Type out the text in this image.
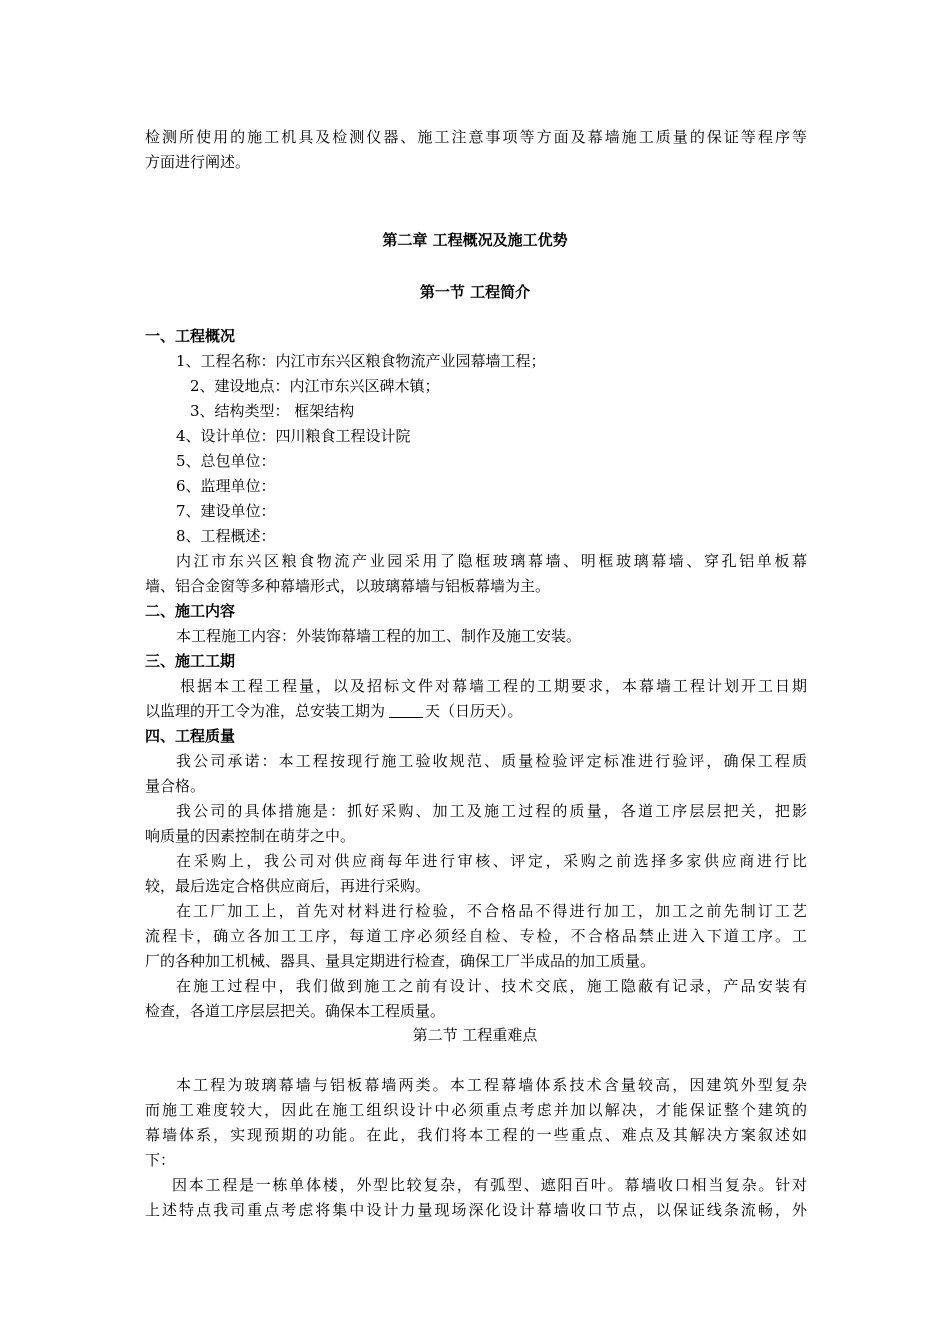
检测所使用的施工机具及检测仪器、施工注意事项等方面及幕墙施工质量的保证等程序等
方面进行阐述。
第二章 工程概况及施工优势
第一节 工程简介
一、工程概况
1、工程名称：内江市东兴区粮食物流产业园幕墙工程；
2、建设地点：内江市东兴区碑木镇；
3、结构类型： 框架结构
4、设计单位：四川粮食工程设计院
5、总包单位：
6、监理单位：
7、建设单位：
8、工程概述：
内江市东兴区粮食物流产业园采用了隐框玻璃幕墙、明框玻璃幕墙、穿孔铝单板幕
墙、铝合金窗等多种幕墙形式，以玻璃幕墙与铝板幕墙为主。
二、施工内容
本工程施工内容：外装饰幕墙工程的加工、制作及施工安装。
三、施工工期
根据本工程工程量，以及招标文件对幕墙工程的工期要求，本幕墙工程计划开工日期
以监理的开工令为准，总安装工期为	天（日历天）。
四、工程质量
我公司承诺：本工程按现行施工验收规范、质量检验评定标准进行验评，确保工程质
量合格。
我公司的具体措施是：抓好采购、加工及施工过程的质量，各道工序层层把关，把影
响质量的因素控制在萌芽之中。
在采购上，我公司对供应商每年进行审核、评定，采购之前选择多家供应商进行比
较，最后选定合格供应商后，再进行采购。
在工厂加工上，首先对材料进行检验，不合格品不得进行加工，加工之前先制订工艺
流程卡，确立各加工工序，每道工序必须经自检、专检，不合格品禁止进入下道工序。工
厂的各种加工机械、器具、量具定期进行检查，确保工厂半成品的加工质量。
在施工过程中，我们做到施工之前有设计、技术交底，施工隐蔽有记录，产品安装有
检查，各道工序层层把关。确保本工程质量。
第二节 工程重难点
本工程为玻璃幕墙与铝板幕墙两类。本工程幕墙体系技术含量较高，因建筑外型复杂
而施工难度较大，因此在施工组织设计中必须重点考虑并加以解决，才能保证整个建筑的
幕墙体系，实现预期的功能。在此，我们将本工程的一些重点、难点及其解决方案叙述如
下：
因本工程是一栋单体楼，外型比较复杂，有弧型、遮阳百叶。幕墙收口相当复杂。针对
上述特点我司重点考虑将集中设计力量现场深化设计幕墙收口节点，以保证线条流畅，外
